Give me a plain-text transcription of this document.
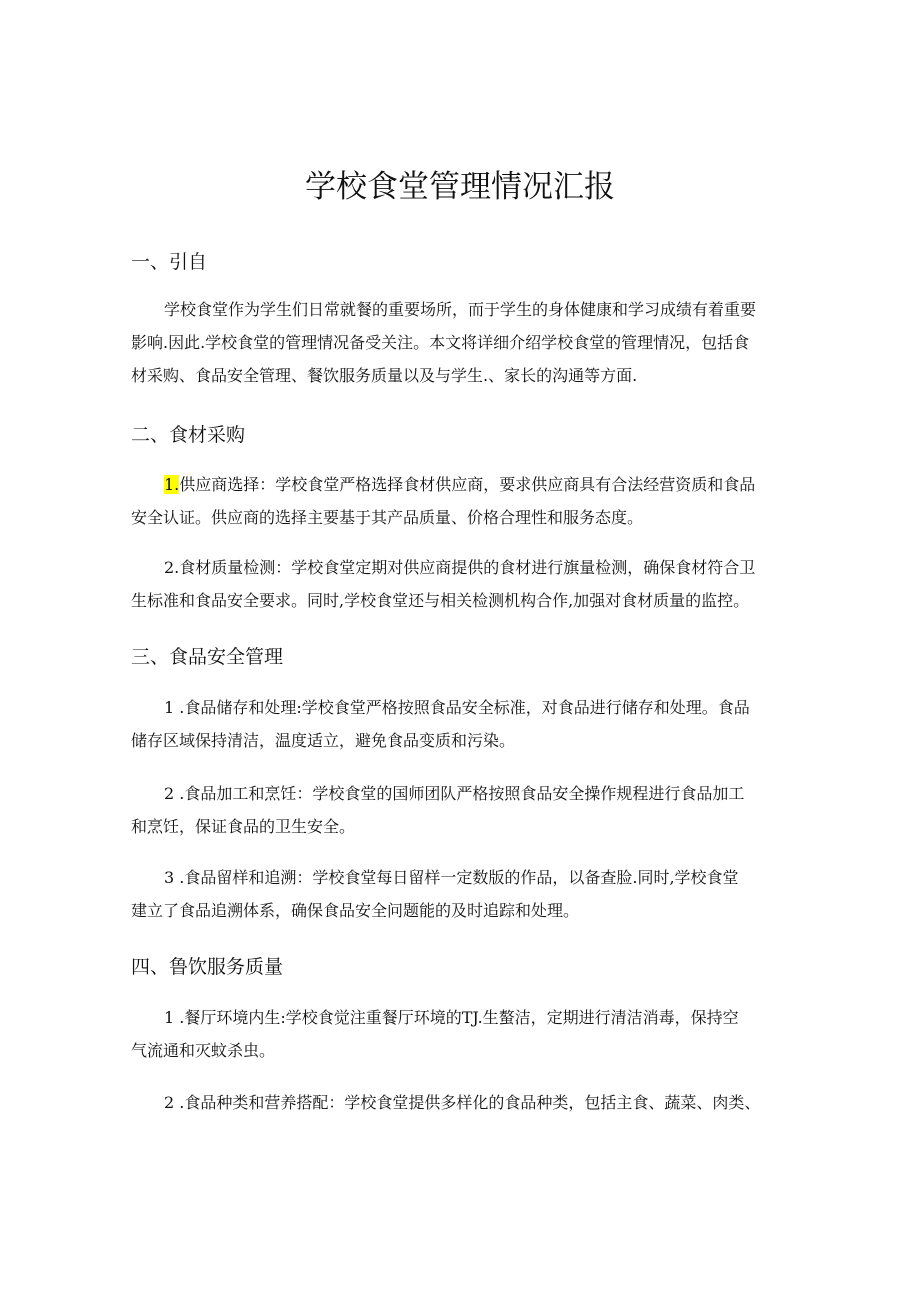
学校食堂管理情况汇报
一、引自
学校食堂作为学生们日常就餐的重要场所，而于学生的身体健康和学习成绩有着重要
影响.因此.学校食堂的管理情况备受关注。本文将详细介绍学校食堂的管理情况，包括食
材采购、食品安全管理、餐饮服务质量以及与学生.、家长的沟通等方面.
二、食材采购
1.供应商选择：学校食堂严格选择食材供应商，要求供应商具有合法经营资质和食品
安全认证。供应商的选择主要基于其产品质量、价格合理性和服务态度。
2.食材质量检测：学校食堂定期对供应商提供的食材进行旗量检测，确保食材符合卫
生标准和食品安全要求。同时,学校食堂还与相关检测机构合作,加强对食材质量的监控。
三、食品安全管理
1 .食品储存和处理:学校食堂严格按照食品安全标准，对食品进行储存和处理。食品
储存区域保持清洁，温度适立，避免食品变质和污染。
2 .食品加工和烹饪：学校食堂的国师团队严格按照食品安全操作规程进行食品加工
和烹饪，保证食品的卫生安全。
3 .食品留样和追溯：学校食堂每日留样一定数版的作品，以备查脸.同时,学校食堂
建立了食品追溯体系，确保食品安全问题能的及时追踪和处理。
四、鲁饮服务质量
1 .餐厅环境内生:学校食觉注重餐厅环境的TJ.生螯洁，定期进行清洁消毒，保持空
气流通和灭蚊杀虫。
2 .食品种类和营养搭配：学校食堂提供多样化的食品种类，包括主食、蔬菜、肉类、
